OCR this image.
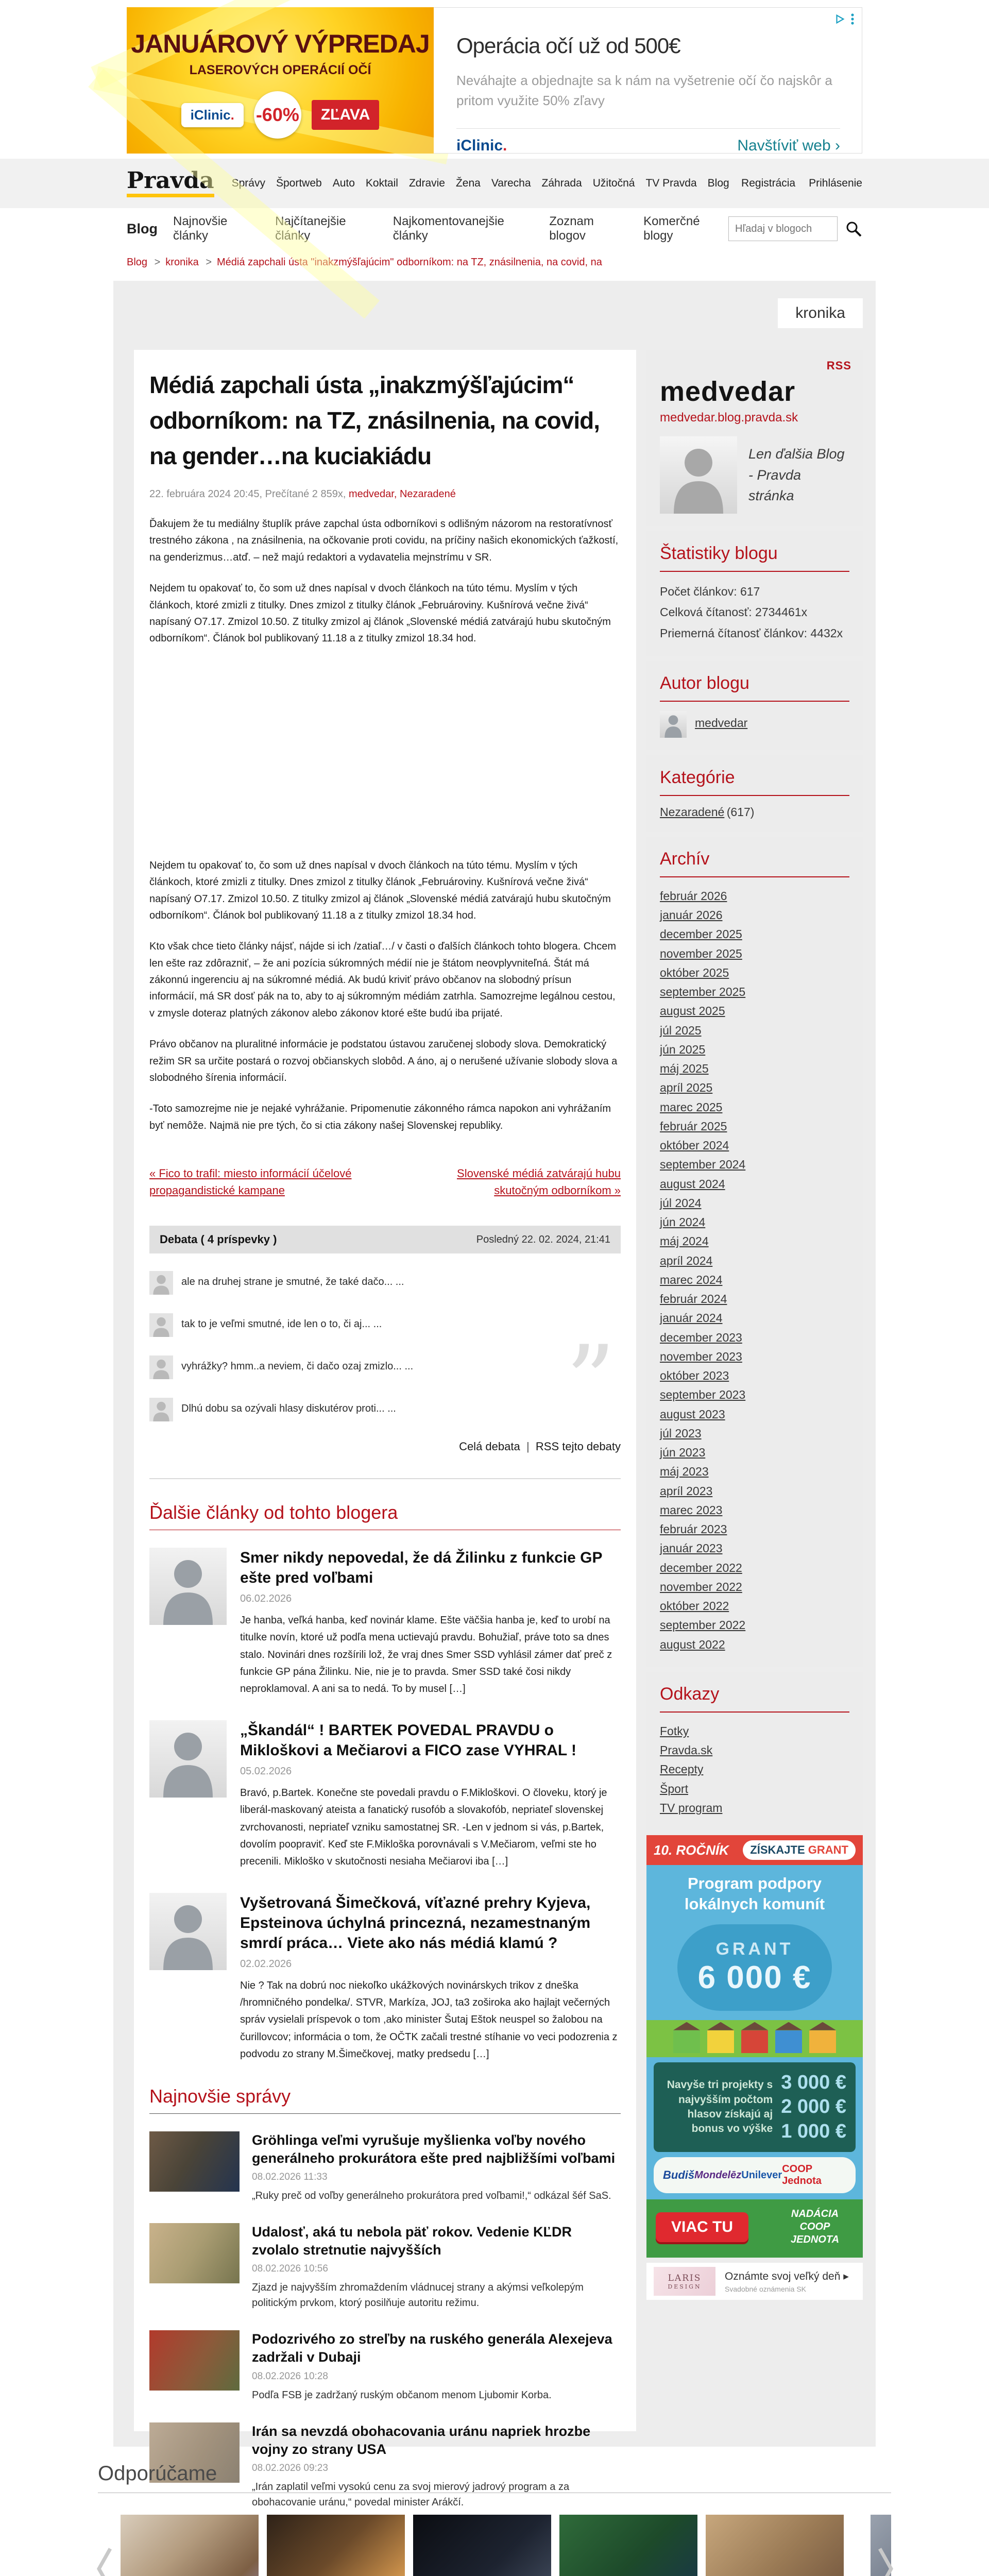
JANUÁROVÝ VÝPREDAJ
LASEROVÝCH OPERÁCIÍ OČÍ
iClinic.	-60%	ZĽAVA
Operácia očí už od 500€
Neváhajte a objednajte sa k nám na vyšetrenie očí čo najskôr a pritom využite 50% zľavy
iClinic.	Navštíviť web ›
Pravda Správy Športweb Auto Koktail Zdravie Žena Varecha Záhrada Užitočná TV Pravda Blog Registrácia Prihlásenie
Blog Najnovšie články
Najčítanejšie články
Najkomentovanejšie články
Zoznam blogov
Komerčné blogy
Hľadaj v blogoch
Blog >	kronika >	Médiá zapchali ústa "inakzmýšľajúcim" odborníkom: na TZ, znásilnenia, na covid, na
kronika
Médiá zapchali ústa „inakzmýšľajúcim“ odborníkom: na TZ, znásilnenia, na covid, na gender…na kuciakiádu
22. februára 2024 20:45 , Prečítané 2 859x , medvedar , Nezaradené

Ďakujem že tu mediálny štuplík práve zapchal ústa odborníkovi s odlišným názorom na restoratívnosť trestného zákona , na znásilnenia, na očkovanie proti covidu, na príčiny našich ekonomických ťažkostí, na genderizmus…atď. – než majú redaktori a vydavatelia mejnstrímu v SR.

Nejdem tu opakovať to, čo som už dnes napísal v dvoch článkoch na túto tému. Myslím v tých článkoch, ktoré zmizli z titulky. Dnes zmizol z titulky článok „Februároviny. Kušnírová večne živá“ napísaný O7.17. Zmizol 10.50. Z titulky zmizol aj článok „Slovenské médiá zatvárajú hubu skutočným odborníkom“. Článok bol publikovaný 11.18 a z titulky zmizol 18.34 hod.

Nejdem tu opakovať to, čo som už dnes napísal v dvoch článkoch na túto tému. Myslím v tých článkoch, ktoré zmizli z titulky. Dnes zmizol z titulky článok „Februároviny. Kušnírová večne živá“ napísaný O7.17. Zmizol 10.50. Z titulky zmizol aj článok „Slovenské médiá zatvárajú hubu skutočným odborníkom“. Článok bol publikovaný 11.18 a z titulky zmizol 18.34 hod.

Kto však chce tieto články nájsť, nájde si ich /zatiaľ…/ v časti o ďalších článkoch tohto blogera. Chcem len ešte raz zdôrazniť, – že ani pozícia súkromných médií nie je štátom neovplyvniteľná. Štát má zákonnú ingerenciu aj na súkromné médiá. Ak budú kriviť právo občanov na slobodný prísun informácií, má SR dosť pák na to, aby to aj súkromným médiám zatrhla. Samozrejme legálnou cestou, v zmysle doteraz platných zákonov alebo zákonov ktoré ešte budú iba prijaté.

Právo občanov na pluralitné informácie je podstatou ústavou zaručenej slobody slova. Demokratický režim SR sa určite postará o rozvoj občianskych slobôd. A áno, aj o nerušené užívanie slobody slova a slobodného šírenia informácií.

-Toto samozrejme nie je nejaké vyhrážanie. Pripomenutie zákonného rámca napokon ani vyhrážaním byť nemôže. Najmä nie pre tých, čo si ctia zákony našej Slovenskej republiky.

« Fico to trafil: miesto informácií účelové propagandistické kampane
Slovenské médiá zatvárajú hubu skutočným odborníkom »
Debata ( 4 príspevky )	Posledný 22. 02. 2024, 21:41
”
ale na druhej strane je smutné, že také dačo... ...
tak to je veľmi smutné, ide len o to, či aj... ...
vyhrážky? hmm..a neviem, či dačo ozaj zmizlo... ...
Dlhú dobu sa ozývali hlasy diskutérov proti... ...
Celá debata | RSS tejto debaty
Ďalšie články od tohto blogera
Smer nikdy nepovedal, že dá Žilinku z funkcie GP ešte pred voľbami
06.02.2026
Je hanba, veľká hanba, keď novinár klame. Ešte väčšia hanba je, keď to urobí na titulke novín, ktoré už podľa mena uctievajú pravdu. Bohužiaľ, práve toto sa dnes stalo. Novinári dnes rozšírili lož, že vraj dnes Smer SSD vyhlásil zámer dať preč z funkcie GP pána Žilinku. Nie, nie je to pravda. Smer SSD také čosi nikdy neproklamoval. A ani sa to nedá. To by musel […]
„Škandál“ ! BARTEK POVEDAL PRAVDU o Mikloškovi a Mečiarovi a FICO zase VYHRAL !
05.02.2026
Bravó, p.Bartek. Konečne ste povedali pravdu o F.Mikloškovi. O človeku, ktorý je liberál-maskovaný ateista a fanatický rusofób a slovakofób, nepriateľ slovenskej zvrchovanosti, nepriateľ vzniku samostatnej SR. -Len v jednom si vás, p.Bartek, dovolím poopraviť. Keď ste F.Mikloška porovnávali s V.Mečiarom, veľmi ste ho precenili. Mikloško v skutočnosti nesiaha Mečiarovi iba […]
Vyšetrovaná Šimečková, víťazné prehry Kyjeva, Epsteinova úchylná princezná, nezamestnaným smrdí práca… Viete ako nás médiá klamú ?
02.02.2026
Nie ? Tak na dobrú noc niekoľko ukážkových novinárskych trikov z dneška /hromničného pondelka/. STVR, Markíza, JOJ, ta3 zoširoka ako hajlajt večerných správ vysielali príspevok o tom ,ako minister Šutaj Eštok neuspel so žalobou na čurillovcov; informácia o tom, že OČTK začali trestné stíhanie vo veci podozrenia z podvodu zo strany M.Šimečkovej, matky predsedu […]
Najnovšie správy
Gröhlinga veľmi vyrušuje myšlienka voľby nového generálneho prokurátora ešte pred najbližšími voľbami
08.02.2026 11:33
„Ruky preč od voľby generálneho prokurátora pred voľbami!,“ odkázal šéf SaS.
Udalosť, aká tu nebola päť rokov. Vedenie KĽDR zvolalo stretnutie najvyšších
08.02.2026 10:56
Zjazd je najvyšším zhromaždením vládnucej strany a akýmsi veľkolepým politickým prvkom, ktorý posilňuje autoritu režimu.
Podozrivého zo streľby na ruského generála Alexejeva zadržali v Dubaji
08.02.2026 10:28
Podľa FSB je zadržaný ruským občanom menom Ljubomir Korba.
Irán sa nevzdá obohacovania uránu napriek hrozbe vojny zo strany USA
08.02.2026 09:23
„Irán zaplatil veľmi vysokú cenu za svoj mierový jadrový program a za obohacovanie uránu,“ povedal minister Arákčí.
RSS
medvedar
medvedar.blog.pravda.sk
Len ďalšia Blog - Pravda stránka
Štatistiky blogu
Počet článkov: 617
Celková čítanosť: 2734461x
Priemerná čítanosť článkov: 4432x
Autor blogu
medvedar
Kategórie
Nezaradené (617)
Archív
február 2026
január 2026
december 2025
november 2025
október 2025
september 2025
august 2025
júl 2025
jún 2025
máj 2025
apríl 2025
marec 2025
február 2025
október 2024
september 2024
august 2024
júl 2024
jún 2024
máj 2024
apríl 2024
marec 2024
február 2024
január 2024
december 2023
november 2023
október 2023
september 2023
august 2023
júl 2023
jún 2023
máj 2023
apríl 2023
marec 2023
február 2023
január 2023
december 2022
november 2022
október 2022
september 2022
august 2022
Odkazy
Fotky
Pravda.sk
Recepty
Šport
TV program
10. ROČNÍK	ZÍSKAJTE GRANT
Program podpory lokálnych komunít
GRANT
6 000 €
Navyše tri projekty s najvyšším počtom hlasov získajú aj bonus vo výške
3 000 €
2 000 €
1 000 €
Budiš Mondelēz Unilever
COOP Jednota
VIAC TU
NADÁCIA COOP JEDNOTA
LARIS
DESIGN
Oznámte svoj veľký deň ▸
Svadobné oznámenia SK
Odporúčame
